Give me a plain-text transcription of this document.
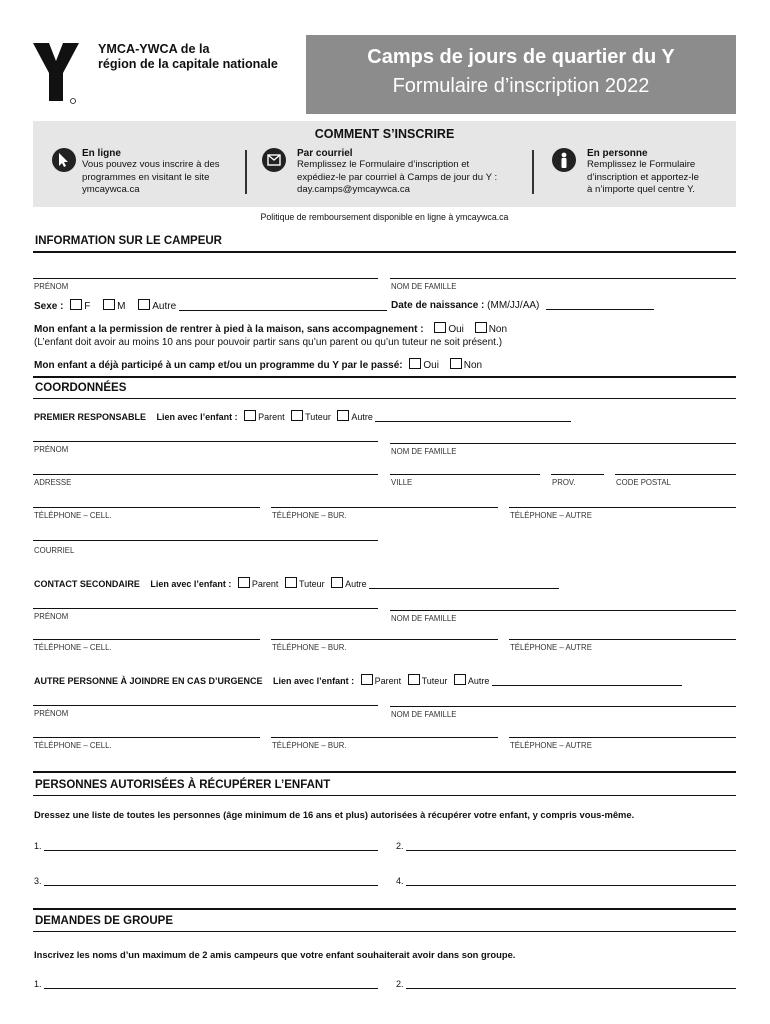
YMCA-YWCA de la
région de la capitale nationale	Camps de jours de quartier du Y
Formulaire d’inscription 2022
COMMENT S’INSCRIRE
En ligne
Vous pouvez vous inscrire à des
programmes en visitant le site
ymcaywca.ca
Par courriel
Remplissez le Formulaire d’inscription et
expédiez-le par courriel à Camps de jour du Y :
day.camps@ymcaywca.ca
En personne
Remplissez le Formulaire
d’inscription et apportez-le
à n’importe quel centre Y.
Politique de remboursement disponible en ligne à ymcaywca.ca
INFORMATION SUR LE CAMPEUR
PRÉNOM	NOM DE FAMILLE
Sexe : F	M	Autre	Date de naissance : (MM/JJ/AA)
Mon enfant a la permission de rentrer à pied à la maison, sans accompagnement : Oui Non
(L’enfant doit avoir au moins 10 ans pour pouvoir partir sans qu’un parent ou qu’un tuteur ne soit présent.)
Mon enfant a déjà participé à un camp et/ou un programme du Y par le passé: Oui Non
COORDONNÉES
PREMIER RESPONSABLE Lien avec l’enfant : Parent Tuteur Autre
PRÉNOM	NOM DE FAMILLE
ADRESSE	VILLE	PROV.	CODE POSTAL
TÉLÉPHONE – CELL.	TÉLÉPHONE – BUR.	TÉLÉPHONE – AUTRE
COURRIEL
CONTACT SECONDAIRE Lien avec l’enfant : Parent Tuteur Autre
PRÉNOM	NOM DE FAMILLE
TÉLÉPHONE – CELL.	TÉLÉPHONE – BUR.	TÉLÉPHONE – AUTRE
AUTRE PERSONNE À JOINDRE EN CAS D’URGENCE Lien avec l’enfant : Parent Tuteur Autre
PRÉNOM	NOM DE FAMILLE
TÉLÉPHONE – CELL.	TÉLÉPHONE – BUR.	TÉLÉPHONE – AUTRE
PERSONNES AUTORISÉES À RÉCUPÉRER L’ENFANT
Dressez une liste de toutes les personnes (âge minimum de 16 ans et plus) autorisées à récupérer votre enfant, y compris vous-même.
1.	2.
3.	4.
DEMANDES DE GROUPE
Inscrivez les noms d’un maximum de 2 amis campeurs que votre enfant souhaiterait avoir dans son groupe.
1.	2.
